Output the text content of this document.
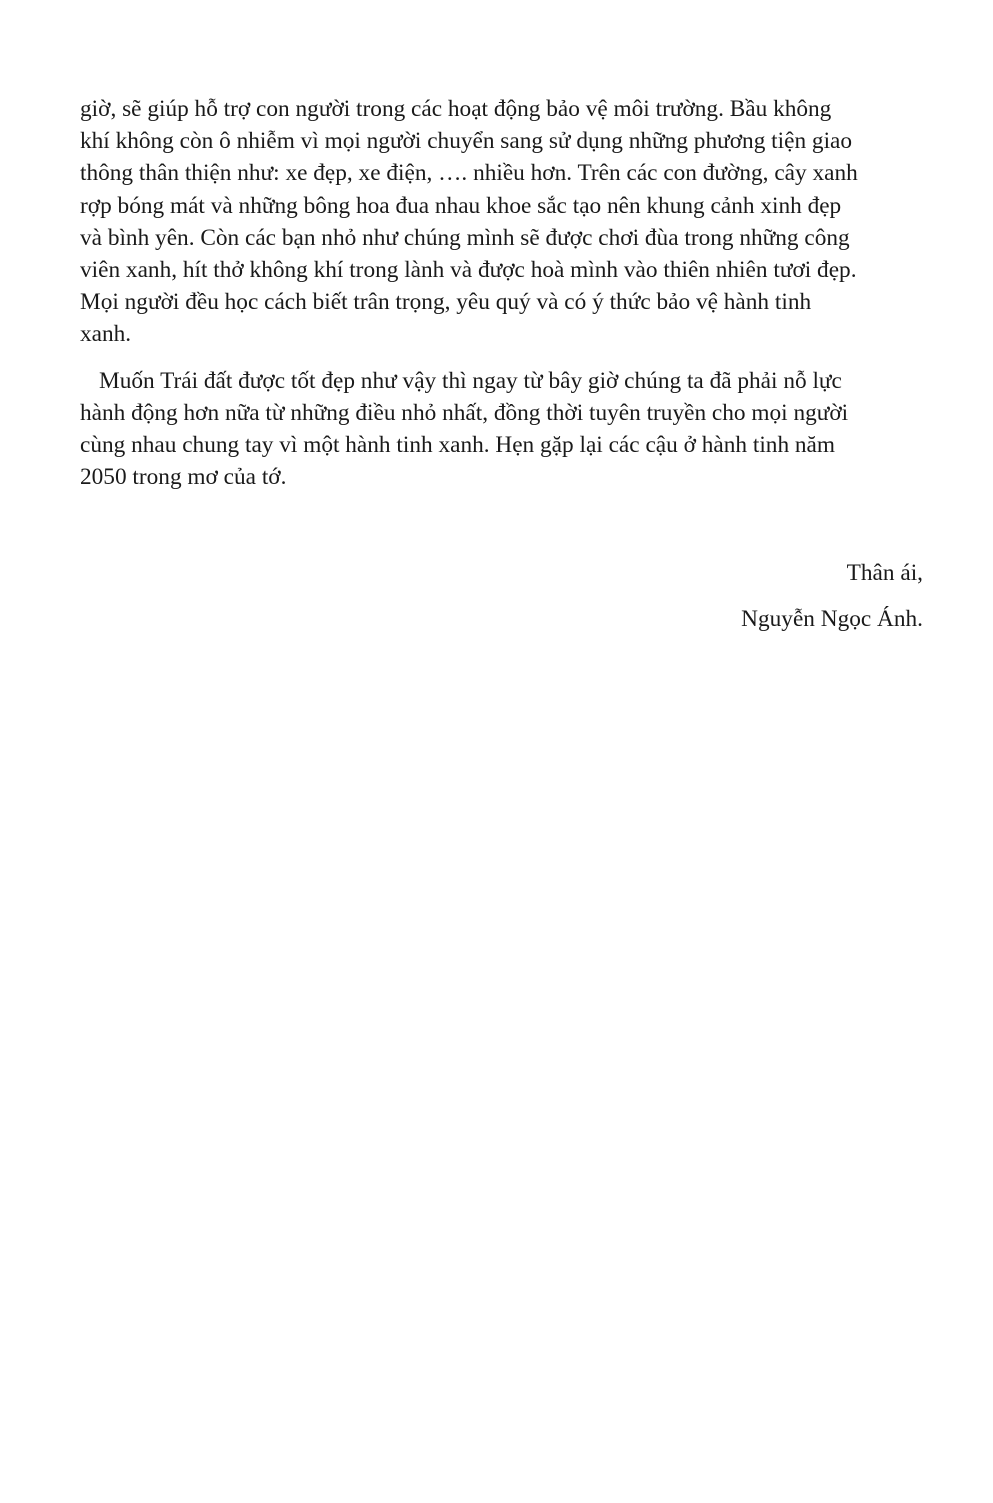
giờ, sẽ giúp hỗ trợ con người trong các hoạt động bảo vệ môi trường. Bầu không
khí không còn ô nhiễm vì mọi người chuyển sang sử dụng những phương tiện giao
thông thân thiện như: xe đẹp, xe điện, …. nhiều hơn. Trên các con đường, cây xanh
rợp bóng mát và những bông hoa đua nhau khoe sắc tạo nên khung cảnh xinh đẹp
và bình yên. Còn các bạn nhỏ như chúng mình sẽ được chơi đùa trong những công
viên xanh, hít thở không khí trong lành và được hoà mình vào thiên nhiên tươi đẹp.
Mọi người đều học cách biết trân trọng, yêu quý và có ý thức bảo vệ hành tinh
xanh.
Muốn Trái đất được tốt đẹp như vậy thì ngay từ bây giờ chúng ta đã phải nỗ lực
hành động hơn nữa từ những điều nhỏ nhất, đồng thời tuyên truyền cho mọi người
cùng nhau chung tay vì một hành tinh xanh. Hẹn gặp lại các cậu ở hành tinh năm
2050 trong mơ của tớ.
Thân ái,
Nguyễn Ngọc Ánh.
